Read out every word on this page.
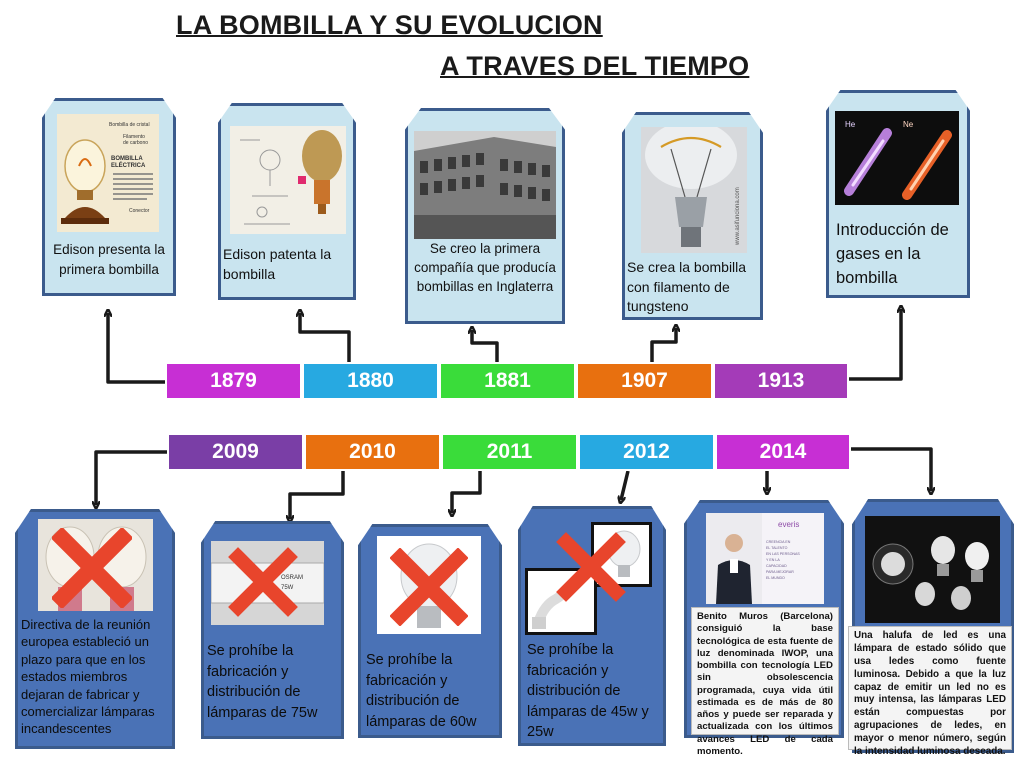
LA BOMBILLA Y SU EVOLUCION
A TRAVES DEL TIEMPO
1879	1880	1881	1907	1913
2009	2010	2011	2012	2014
Bombilla de cristal
Filamento
de carbono
BOMBILLA
ELÉCTRICA
Conector
Edison presenta la primera bombilla
Edison patenta la bombilla
Se creo la primera compañía que producía bombillas en Inglaterra
www.asifunciona.com
Se crea la bombilla con filamento de tungsteno
He	Ne
Introducción de gases en la bombilla
Directiva de la reunión europea estableció un plazo para que en los estados miembros dejaran de fabricar y comercializar lámparas incandescentes
OSRAM
75W
Se prohíbe la fabricación y distribución de lámparas de 75w
Se prohíbe la fabricación y distribución de lámparas de 60w
Se prohíbe la fabricación y distribución de lámparas de 45w y 25w
everis
CREENCIA EN
EL TALENTO
EN LAS PERSONAS
Y EN LA
CAPACIDAD
PARA MEJORAR
EL MUNDO
Benito Muros (Barcelona) consiguió la base tecnológica de esta fuente de luz denominada IWOP, una bombilla con tecnología LED sin obsolescencia programada, cuya vida útil estimada es de más de 80 años y puede ser reparada y actualizada con los últimos avances LED de cada momento.
Una halufa de led es una lámpara de estado sólido que usa ledes como fuente luminosa. Debido a que la luz capaz de emitir un led no es muy intensa, las lámparas LED están compuestas por agrupaciones de ledes, en mayor o menor número, según la intensidad luminosa deseada.
